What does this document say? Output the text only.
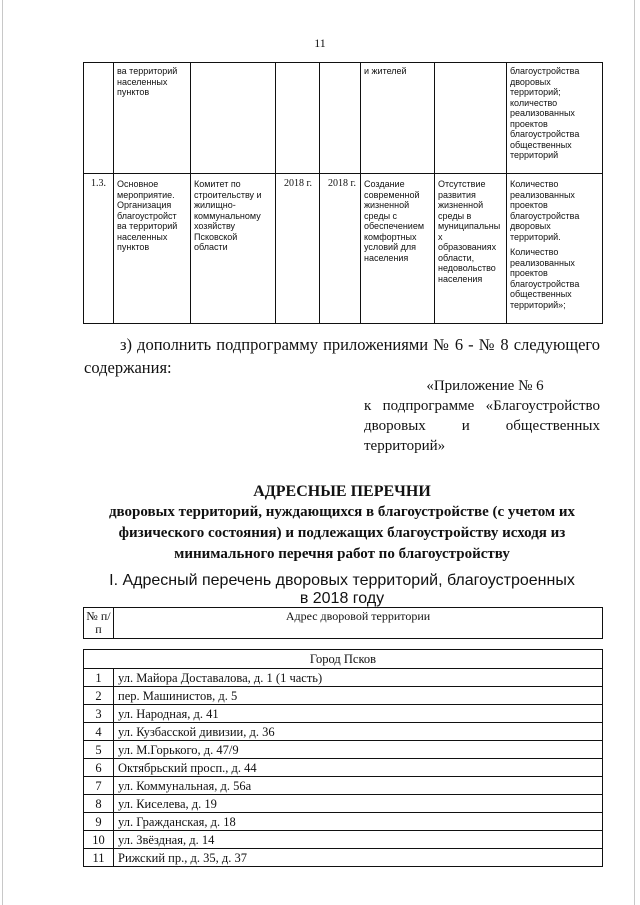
11
	ва территорий населенных пунктов				и жителей		благоустройства дворовых территорий; количество реализованных проектов благоустройства общественных территорий
1.3.	Основное мероприятие. Организация благоустройст ва территорий населенных пунктов	Комитет по строительству и жилищно-коммунальному хозяйству Псковской области	2018 г.	2018 г.	Создание современной жизненной среды с обеспечением комфортных условий для населения	Отсутствие развития жизненной среды в муниципальны х образованиях области, недовольство населения	Количество реализованных проектов благоустройства дворовых территорий.
Количество реализованных проектов благоустройства общественных территорий»;
з) дополнить подпрограмму приложениями № 6 - № 8 следующего содержания:
«Приложение № 6
к подпрограмме «Благоустройство
дворовых и общественных
территорий»
АДРЕСНЫЕ ПЕРЕЧНИ
дворовых территорий, нуждающихся в благоустройстве (с учетом их
физического состояния) и подлежащих благоустройству исходя из
минимального перечня работ по благоустройству
I. Адресный перечень дворовых территорий, благоустроенных
в 2018 году
№ п/п	Адрес дворовой территории

Город Псков	
1	ул. Майора Доставалова, д. 1 (1 часть)
2	пер. Машинистов, д. 5
3	ул. Народная, д. 41
4	ул. Кузбасской дивизии, д. 36
5	ул. М.Горького, д. 47/9
6	Октябрьский просп., д. 44
7	ул. Коммунальная, д. 56а
8	ул. Киселева, д. 19
9	ул. Гражданская, д. 18
10	ул. Звёздная, д. 14
11	Рижский пр., д. 35, д. 37
